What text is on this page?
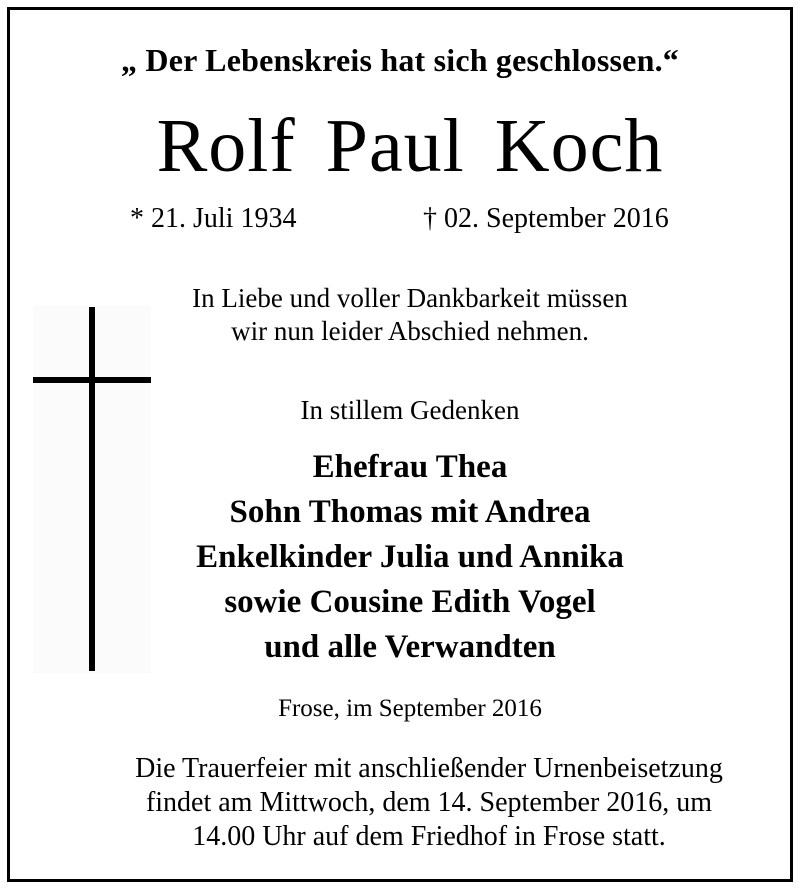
„ Der Lebenskreis hat sich geschlossen.“
Rolf Paul Koch
* 21. Juli 1934	† 02. September 2016
In Liebe und voller Dankbarkeit müssen
wir nun leider Abschied nehmen.
In stillem Gedenken
Ehefrau Thea
Sohn Thomas mit Andrea
Enkelkinder Julia und Annika
sowie Cousine Edith Vogel
und alle Verwandten
Frose, im September 2016
Die Trauerfeier mit anschließender Urnenbeisetzung
findet am Mittwoch, dem 14. September 2016, um
14.00 Uhr auf dem Friedhof in Frose statt.
